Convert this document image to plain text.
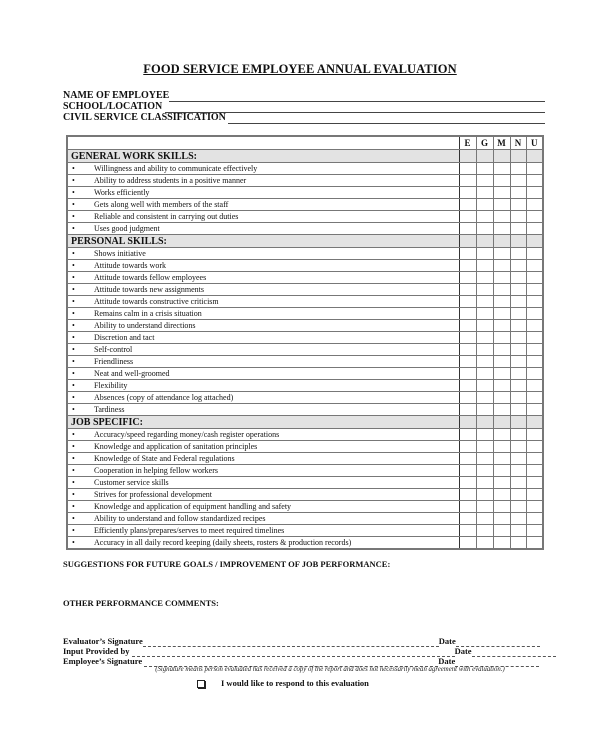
FOOD SERVICE EMPLOYEE ANNUAL EVALUATION
NAME OF EMPLOYEE
SCHOOL/LOCATION
CIVIL SERVICE CLASSIFICATION
	E	G	M	N	U
GENERAL WORK SKILLS:					
• Willingness and ability to communicate effectively					
• Ability to address students in a positive manner					
• Works efficiently					
• Gets along well with members of the staff					
• Reliable and consistent in carrying out duties					
• Uses good judgment					
PERSONAL SKILLS:					
• Shows initiative					
• Attitude towards work					
• Attitude towards fellow employees					
• Attitude towards new assignments					
• Attitude towards constructive criticism					
• Remains calm in a crisis situation					
• Ability to understand directions					
• Discretion and tact					
• Self-control					
• Friendliness					
• Neat and well-groomed					
• Flexibility					
• Absences (copy of attendance log attached)					
• Tardiness					
JOB SPECIFIC:					
• Accuracy/speed regarding money/cash register operations					
• Knowledge and application of sanitation principles					
• Knowledge of State and Federal regulations					
• Cooperation in helping fellow workers					
• Customer service skills					
• Strives for professional development					
• Knowledge and application of equipment handling and safety					
• Ability to understand and follow standardized recipes					
• Efficiently plans/prepares/serves to meet required timelines					
• Accuracy in all daily record keeping (daily sheets, rosters & production records)					
SUGGESTIONS FOR FUTURE GOALS / IMPROVEMENT OF JOB PERFORMANCE:
OTHER PERFORMANCE COMMENTS:
Evaluator’s Signature	Date
Input Provided by	Date
Employee’s Signature	Date
(Signature means person evaluated has received a copy of the report and does not necessarily mean agreement with evaluation.)
I would like to respond to this evaluation
